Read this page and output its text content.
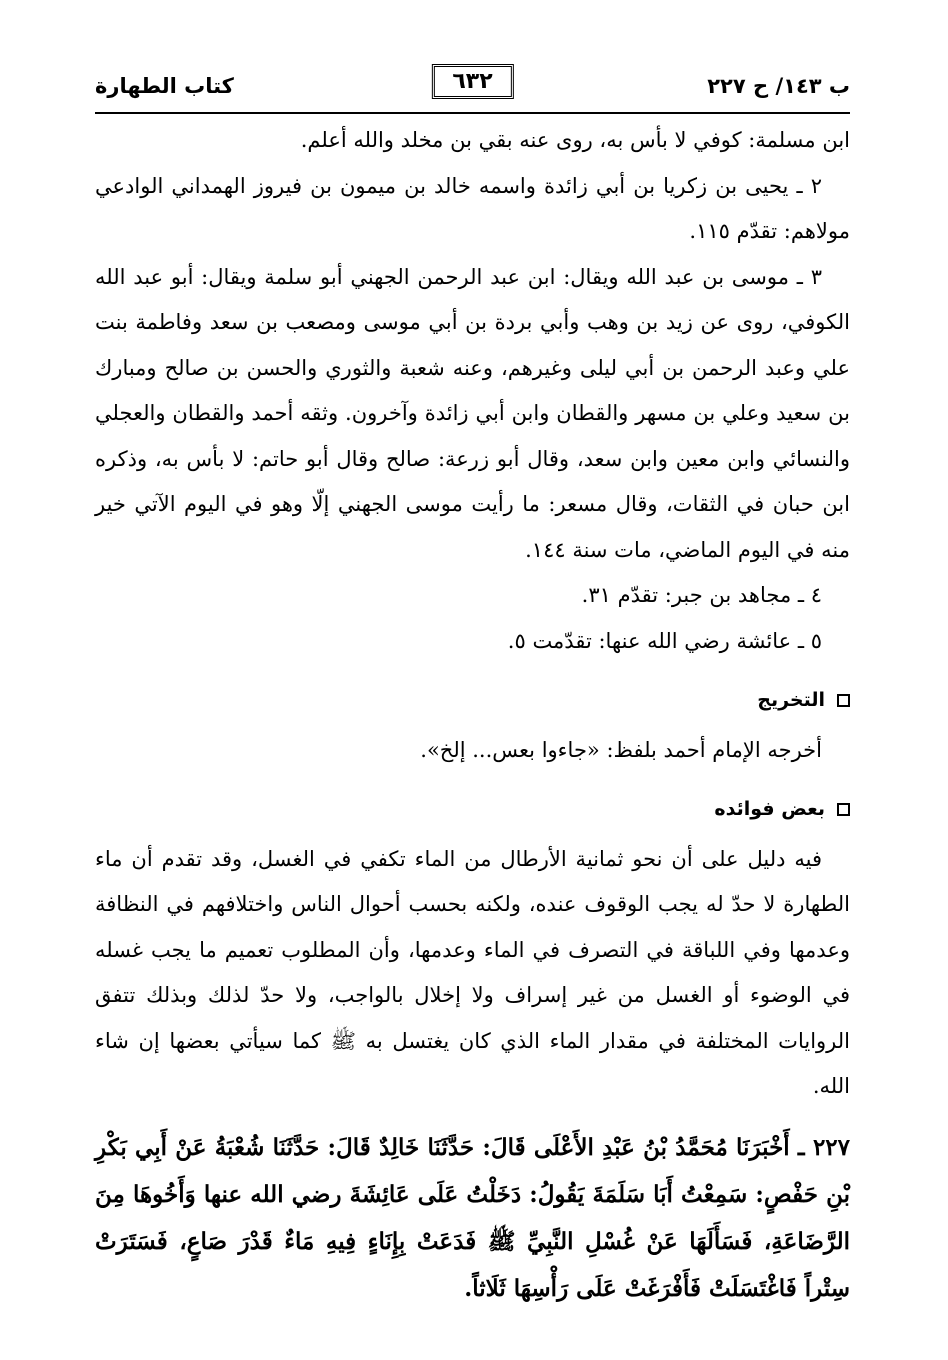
ب ١٤٣/ ح ٢٢٧
٦٣٢
كتاب الطهارة

ابن مسلمة: كوفي لا بأس به، روى عنه بقي بن مخلد والله أعلم.

٢ ـ يحيى بن زكريا بن أبي زائدة واسمه خالد بن ميمون بن فيروز الهمداني الوادعي مولاهم: تقدّم ١١٥.

٣ ـ موسى بن عبد الله ويقال: ابن عبد الرحمن الجهني أبو سلمة ويقال: أبو عبد الله الكوفي، روى عن زيد بن وهب وأبي بردة بن أبي موسى ومصعب بن سعد وفاطمة بنت علي وعبد الرحمن بن أبي ليلى وغيرهم، وعنه شعبة والثوري والحسن بن صالح ومبارك بن سعيد وعلي بن مسهر والقطان وابن أبي زائدة وآخرون. وثقه أحمد والقطان والعجلي والنسائي وابن معين وابن سعد، وقال أبو زرعة: صالح وقال أبو حاتم: لا بأس به، وذكره ابن حبان في الثقات، وقال مسعر: ما رأيت موسى الجهني إلّا وهو في اليوم الآتي خير منه في اليوم الماضي، مات سنة ١٤٤.

٤ ـ مجاهد بن جبر: تقدّم ٣١.

٥ ـ عائشة رضي الله عنها: تقدّمت ٥.

التخريج

أخرجه الإمام أحمد بلفظ: «جاءوا بعس... إلخ».

بعض فوائده

فيه دليل على أن نحو ثمانية الأرطال من الماء تكفي في الغسل، وقد تقدم أن ماء الطهارة لا حدّ له يجب الوقوف عنده، ولكنه بحسب أحوال الناس واختلافهم في النظافة وعدمها وفي اللباقة في التصرف في الماء وعدمها، وأن المطلوب تعميم ما يجب غسله في الوضوء أو الغسل من غير إسراف ولا إخلال بالواجب، ولا حدّ لذلك وبذلك تتفق الروايات المختلفة في مقدار الماء الذي كان يغتسل به ﷺ كما سيأتي بعضها إن شاء الله.

٢٢٧ ـ أَخْبَرَنَا مُحَمَّدُ بْنُ عَبْدِ الأَعْلَى قَالَ: حَدَّثَنَا خَالِدٌ قَالَ: حَدَّثَنَا شُعْبَةُ عَنْ أَبِي بَكْرِ بْنِ حَفْصٍ: سَمِعْتُ أَبَا سَلَمَةَ يَقُولُ: دَخَلْتُ عَلَى عَائِشَةَ رضي الله عنها وَأَخُوهَا مِنَ الرَّضَاعَةِ، فَسَأَلَهَا عَنْ غُسْلِ النَّبِيِّ ﷺ فَدَعَتْ بِإِنَاءٍ فِيهِ مَاءٌ قَدْرَ صَاعٍ، فَسَتَرَتْ سِتْراً فَاغْتَسَلَتْ فَأَفْرَغَتْ عَلَى رَأْسِهَا ثَلَاثاً.
